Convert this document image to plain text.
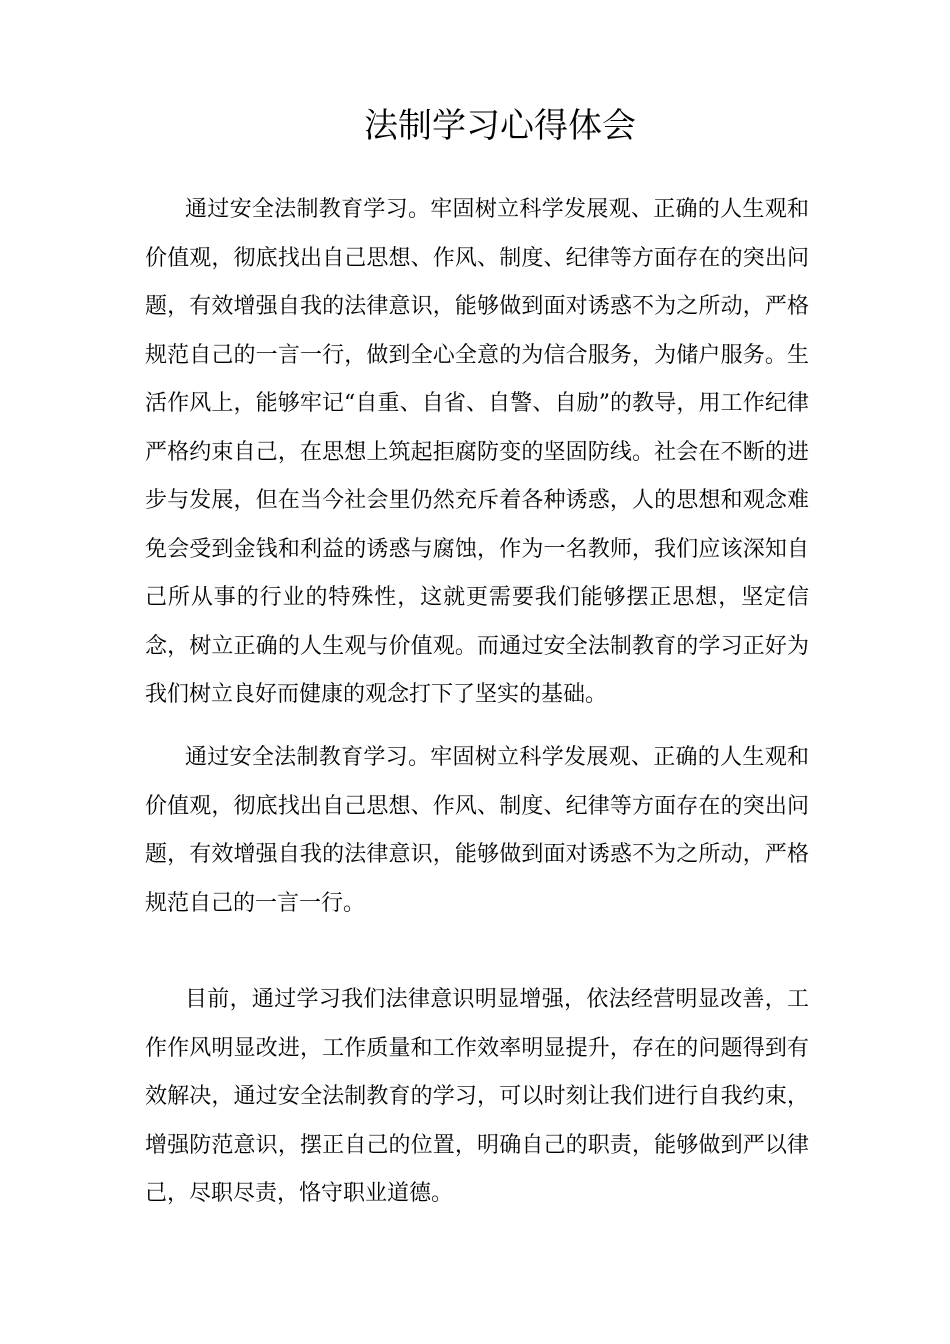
法制学习心得体会

通过安全法制教育学习。牢固树立科学发展观、正确的人生观和价值观，彻底找出自己思想、作风、制度、纪律等方面存在的突出问题，有效增强自我的法律意识，能够做到面对诱惑不为之所动，严格规范自己的一言一行，做到全心全意的为信合服务，为储户服务。生活作风上，能够牢记“自重、自省、自警、自励”的教导，用工作纪律严格约束自己，在思想上筑起拒腐防变的坚固防线。社会在不断的进步与发展，但在当今社会里仍然充斥着各种诱惑，人的思想和观念难免会受到金钱和利益的诱惑与腐蚀，作为一名教师，我们应该深知自己所从事的行业的特殊性，这就更需要我们能够摆正思想，坚定信念，树立正确的人生观与价值观。而通过安全法制教育的学习正好为我们树立良好而健康的观念打下了坚实的基础。

通过安全法制教育学习。牢固树立科学发展观、正确的人生观和价值观，彻底找出自己思想、作风、制度、纪律等方面存在的突出问题，有效增强自我的法律意识，能够做到面对诱惑不为之所动，严格规范自己的一言一行。

目前，通过学习我们法律意识明显增强，依法经营明显改善，工作作风明显改进，工作质量和工作效率明显提升，存在的问题得到有效解决，通过安全法制教育的学习，可以时刻让我们进行自我约束，增强防范意识，摆正自己的位置，明确自己的职责，能够做到严以律己，尽职尽责，恪守职业道德。
